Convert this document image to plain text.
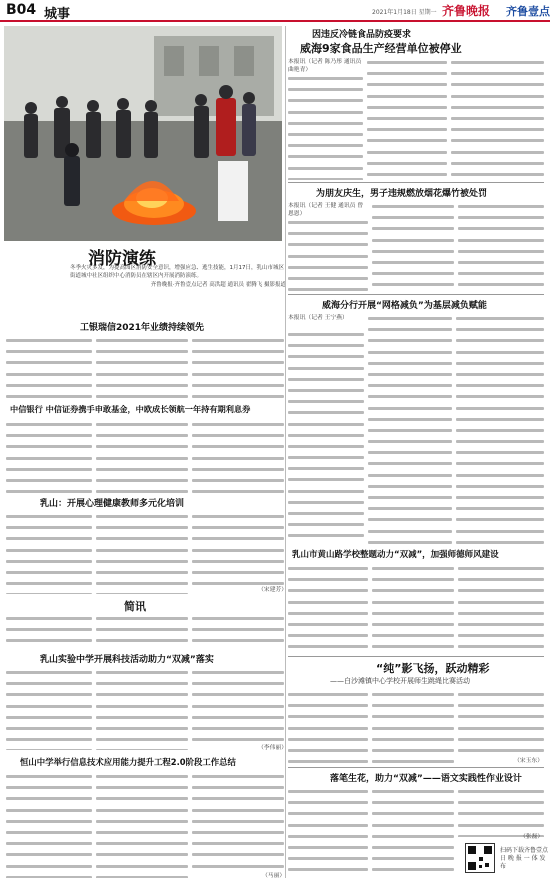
B04 城事	2021年1月18日 星期一 齐鲁晚报 齐鲁壹点
消防演练
冬季火灾多发，为提高园区消防安全意识，增强应急、逃生技能，1月17日，乳山市城区街道城中社区组织中心消防员在辖区内开展消防演练。
齐鲁晚报·齐鲁壹点记者 高洪超 通讯员 翟腾飞 摄影报道
因违反冷链食品防疫要求
威海9家食品生产经营单位被停业
本报讯（记者 陈乃彤 通讯员 曲艳青）
为朋友庆生，男子违规燃放烟花爆竹被处罚
本报讯（记者 王健 通讯员 曾恩恩）
威海分行开展“网格减负”为基层减负赋能
本报讯（记者 王宁燕）
工银瑞信2021年业绩持续领先
中信银行 中信证券携手申敢基金，中欧成长领航一年持有期利息券
乳山：开展心理健康教师多元化培训
（宋建芳）
乳山市黄山路学校整题动力“双减”，加强师德师风建设
简讯
乳山实验中学开展科技活动助力“双减”落实
（李伟丽）
“纯”影飞扬，跃动精彩
——白沙滩镇中心学校开展师生跳绳比赛活动
（宋玉东）
落笔生花，助力“双减”——语文实践性作业设计
（张磊）
恒山中学举行信息技术应用能力提升工程2.0阶段工作总结
（马丽）
扫码下载齐鲁壹点
日 晚 报 一 体 发 布
